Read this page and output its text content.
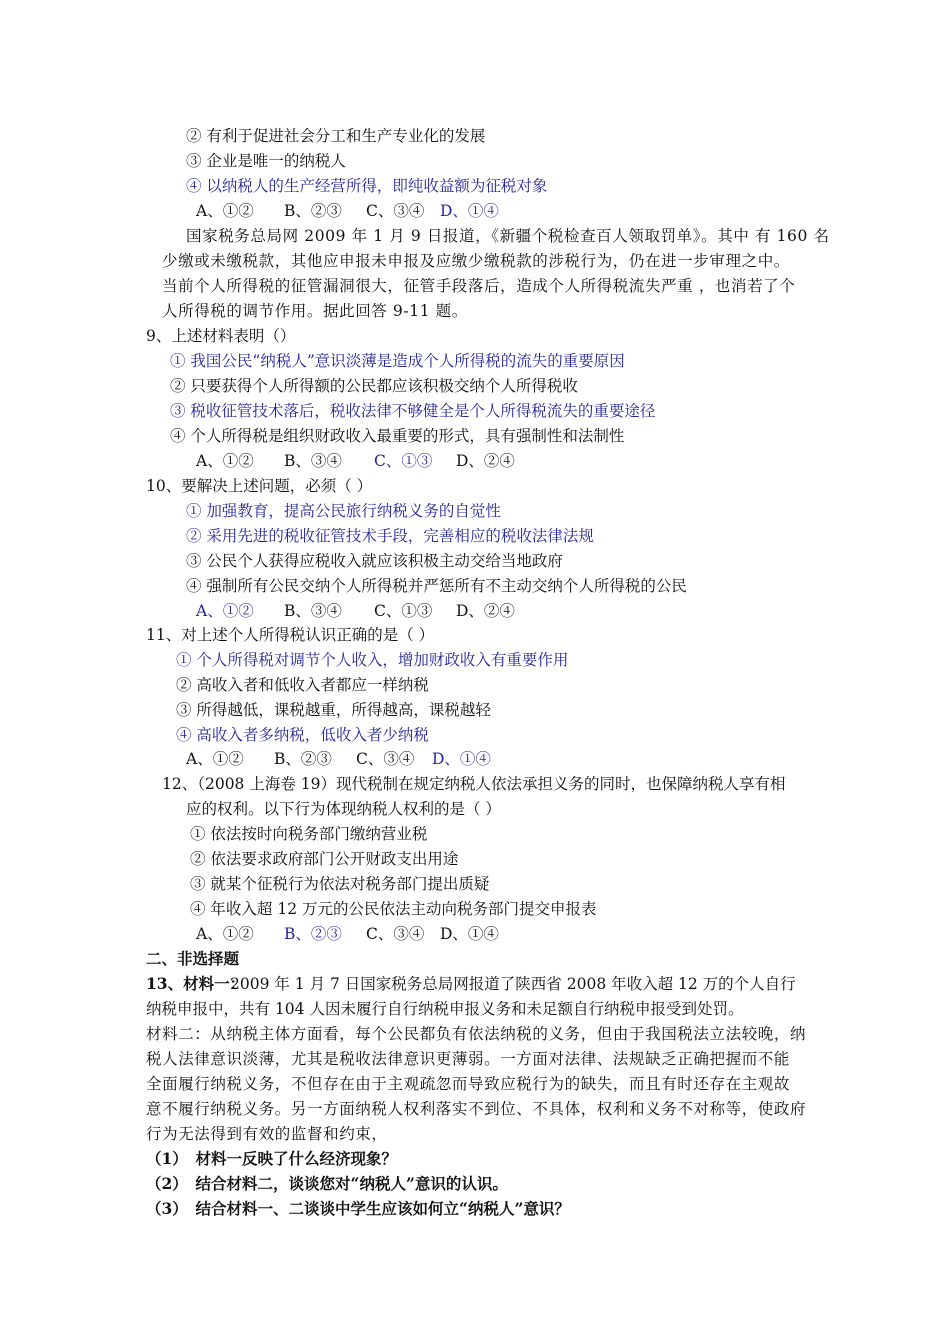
② 有利于促进社会分工和生产专业化的发展
③ 企业是唯一的纳税人
④ 以纳税人的生产经营所得，即纯收益额为征税对象
A、①② B、②③ C、③④ D、①④
国家税务总局网 2009 年 1 月 9 日报道，《新疆个税检查百人领取罚单》。其中 有 160 名
少缴或未缴税款，其他应申报未申报及应缴少缴税款的涉税行为，仍在进一步审理之中。
当前个人所得税的征管漏洞很大，征管手段落后，造成个人所得税流失严重 ，也消若了个
人所得税的调节作用。据此回答 9-11 题。
9、上述材料表明（）
① 我国公民“纳税人”意识淡薄是造成个人所得税的流失的重要原因
② 只要获得个人所得额的公民都应该积极交纳个人所得税收
③ 税收征管技术落后，税收法律不够健全是个人所得税流失的重要途径
④ 个人所得税是组织财政收入最重要的形式，具有强制性和法制性
A、①② B、③④ C、①③ D、②④
10、要解决上述问题，必须（ ）
① 加强教育，提高公民旅行纳税义务的自觉性
② 采用先进的税收征管技术手段，完善相应的税收法律法规
③ 公民个人获得应税收入就应该积极主动交给当地政府
④ 强制所有公民交纳个人所得税并严惩所有不主动交纳个人所得税的公民
A、①② B、③④ C、①③ D、②④
11、对上述个人所得税认识正确的是（ ）
① 个人所得税对调节个人收入，增加财政收入有重要作用
② 高收入者和低收入者都应一样纳税
③ 所得越低，课税越重，所得越高，课税越轻
④ 高收入者多纳税，低收入者少纳税
A、①② B、②③ C、③④ D、①④
12、（2008 上海卷 19）现代税制在规定纳税人依法承担义务的同时，也保障纳税人享有相
应的权利。以下行为体现纳税人权利的是（ ）
① 依法按时向税务部门缴纳营业税
② 依法要求政府部门公开财政支出用途
③ 就某个征税行为依法对税务部门提出质疑
④ 年收入超 12 万元的公民依法主动向税务部门提交申报表
A、①② B、②③ C、③④ D、①④
二、非选择题
13、材料一：
2009 年 1 月 7 日国家税务总局网报道了陕西省 2008 年收入超 12 万的个人自行
纳税申报中，共有 104 人因未履行自行纳税申报义务和未足额自行纳税申报受到处罚。
材料二：从纳税主体方面看，每个公民都负有依法纳税的义务，但由于我国税法立法较晚，纳
税人法律意识淡薄，尤其是税收法律意识更薄弱。一方面对法律、法规缺乏正确把握而不能
全面履行纳税义务，不但存在由于主观疏忽而导致应税行为的缺失，而且有时还存在主观故
意不履行纳税义务。另一方面纳税人权利落实不到位、不具体，权利和义务不对称等，使政府
行为无法得到有效的监督和约束，
（1）　材料一反映了什么经济现象？
（2）　结合材料二，谈谈您对“纳税人”意识的认识。
（3）　结合材料一、二谈谈中学生应该如何立“纳税人”意识？
